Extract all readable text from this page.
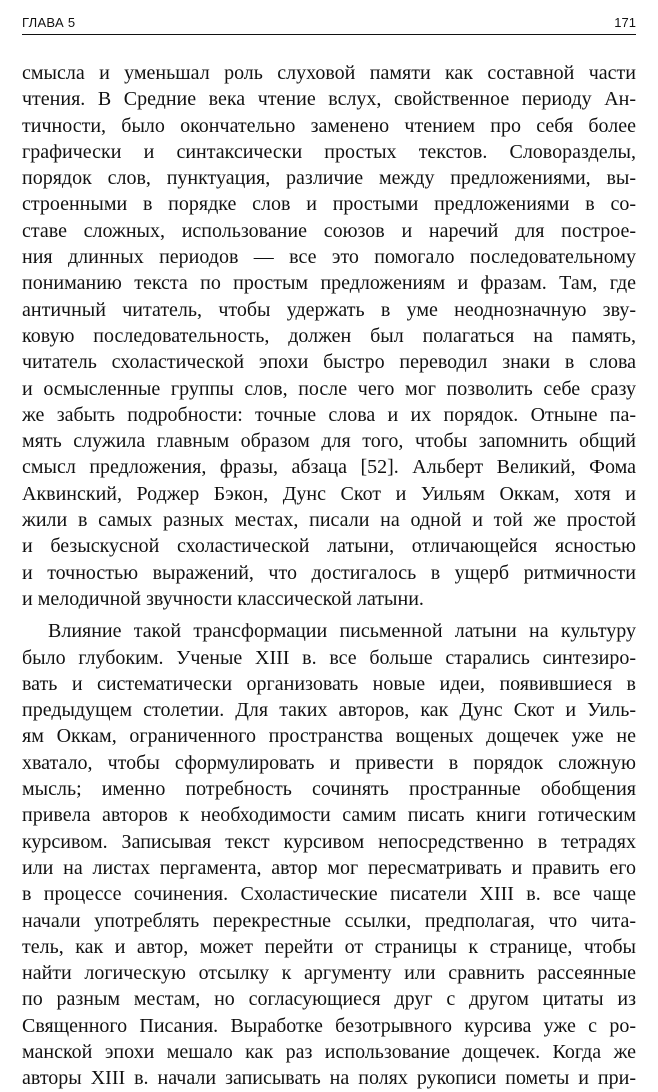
ГЛАВА 5	171

смысла и уменьшал роль слуховой памяти как составной части
чтения. В Средние века чтение вслух, свойственное периоду Ан-
тичности, было окончательно заменено чтением про себя более
графически и синтаксически простых текстов. Словоразделы,
порядок слов, пунктуация, различие между предложениями, вы-
строенными в порядке слов и простыми предложениями в со-
ставе сложных, использование союзов и наречий для построе-
ния длинных периодов — все это помогало последовательному
пониманию текста по простым предложениям и фразам. Там, где
античный читатель, чтобы удержать в уме неоднозначную зву-
ковую последовательность, должен был полагаться на память,
читатель схоластической эпохи быстро переводил знаки в слова
и осмысленные группы слов, после чего мог позволить себе сразу
же забыть подробности: точные слова и их порядок. Отныне па-
мять служила главным образом для того, чтобы запомнить общий
смысл предложения, фразы, абзаца [52]. Альберт Великий, Фома
Аквинский, Роджер Бэкон, Дунс Скот и Уильям Оккам, хотя и
жили в самых разных местах, писали на одной и той же простой
и безыскусной схоластической латыни, отличающейся ясностью
и точностью выражений, что достигалось в ущерб ритмичности
и мелодичной звучности классической латыни.

Влияние такой трансформации письменной латыни на культуру
было глубоким. Ученые XIII в. все больше старались синтезиро-
вать и систематически организовать новые идеи, появившиеся в
предыдущем столетии. Для таких авторов, как Дунс Скот и Уиль-
ям Оккам, ограниченного пространства вощеных дощечек уже не
хватало, чтобы сформулировать и привести в порядок сложную
мысль; именно потребность сочинять пространные обобщения
привела авторов к необходимости самим писать книги готическим
курсивом. Записывая текст курсивом непосредственно в тетрадях
или на листах пергамента, автор мог пересматривать и править его
в процессе сочинения. Схоластические писатели XIII в. все чаще
начали употреблять перекрестные ссылки, предполагая, что чита-
тель, как и автор, может перейти от страницы к странице, чтобы
найти логическую отсылку к аргументу или сравнить рассеянные
по разным местам, но согласующиеся друг с другом цитаты из
Священного Писания. Выработке безотрывного курсива уже с ро-
манской эпохи мешало как раз использование дощечек. Когда же
авторы XIII в. начали записывать на полях рукописи пометы и при-
